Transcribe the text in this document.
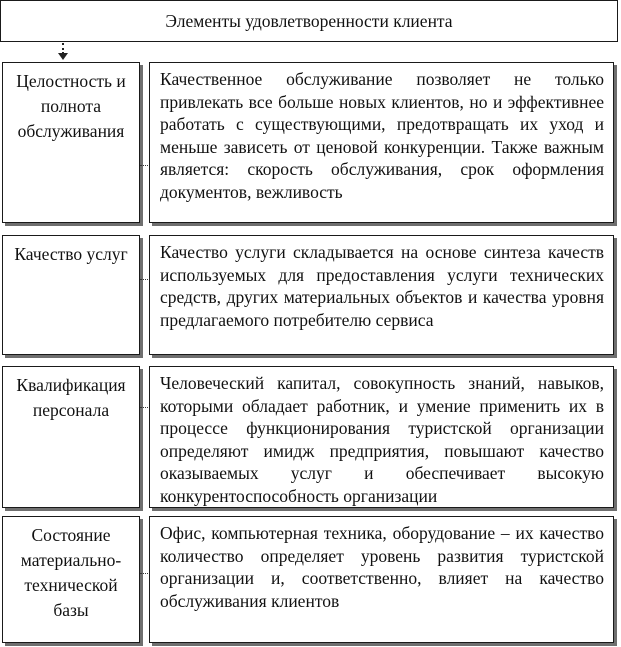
Элементы удовлетворенности клиента
Целостность и полнота обслуживания
Качественное обслуживание позволяет не только привлекать все больше новых клиентов, но и эффективнее работать с существующими, предотвращать их уход и меньше зависеть от ценовой конкуренции. Также важным является: скорость обслуживания, срок оформления документов, вежливость
Качество услуг	Качество услуги складывается на основе синтеза качеств используемых для предоставления услуги технических средств, других материальных объектов и качества уровня предлагаемого потребителю сервиса
Квалификация персонала
Человеческий капитал, совокупность знаний, навыков, которыми обладает работник, и умение применить их в процессе функционирования туристской организации определяют имидж предприятия, повышают качество оказываемых услуг и обеспечивает высокую конкурентоспособность организации
Состояние материально-технической базы
Офис, компьютерная техника, оборудование – их качество количество определяет уровень развития туристской организации и, соответственно, влияет на качество обслуживания клиентов
